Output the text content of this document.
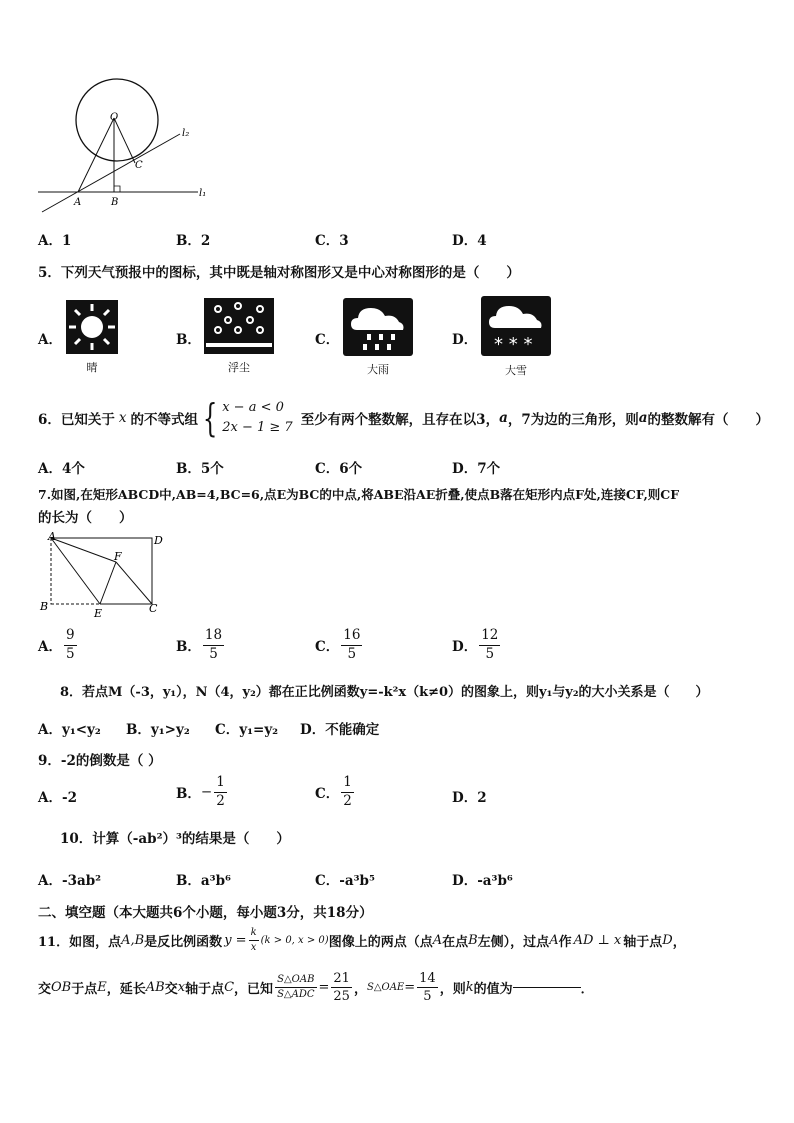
O
C
A	B
l₁
l₂
A．1	B．2	C．3	D．4
5．下列天气预报中的图标，其中既是轴对称图形又是中心对称图形的是（　　）
A．
晴
B．
浮尘
C．
大雨
D． * * *
大雪
6．已知关于 x 的不等式组 { x − a < 0
2x − 1 ≥ 7 至少有两个整数解，且存在以3， a ，7为边的三角形，则 a 的整数解有（　　）
A．4个	B．5个	C．6个	D．7个
7.如图,在矩形ABCD中,AB=4,BC=6,点E为BC的中点,将ABE沿AE折叠,使点B落在矩形内点F处,连接CF,则CF
的长为（　　）
A	D
F
B
E	C
A． $\frac{9}{5}$	B． $\frac{18}{5}$	C． $\frac{16}{5}$	D． $\frac{12}{5}$
8．若点M（-3，y₁），N（4，y₂）都在正比例函数y=-k²x（k≠0）的图象上，则y₁与y₂的大小关系是（　　）
A．y₁<y₂ B．y₁>y₂ C．y₁=y₂ D．不能确定
9．-2的倒数是（ ）
A．-2	B． − $\frac{1}{2}$	C． $\frac{1}{2}$	D．2
10．计算（-ab²）³的结果是（　　）
A．-3ab²	B．a³b⁶	C．-a³b⁵	D．-a³b⁶
二、填空题（本大题共6个小题，每小题3分，共18分）
11．如图，点 A,B 是反比例函数 $y = \frac{k}{x} (k > 0$, x > 0) 图像上的两点（点 A 在点 B 左侧），过点 A 作 AD ⊥ x 轴于点 D ，
交 OB 于点 E ，延长 AB 交 x 轴于点 C ，已知 $\frac{\text{S△OAB}}{\text{S△ADC}} = \frac{21}{25}$ ， S△OAE = $\frac{14}{5}$ ，则 k 的值为	．
